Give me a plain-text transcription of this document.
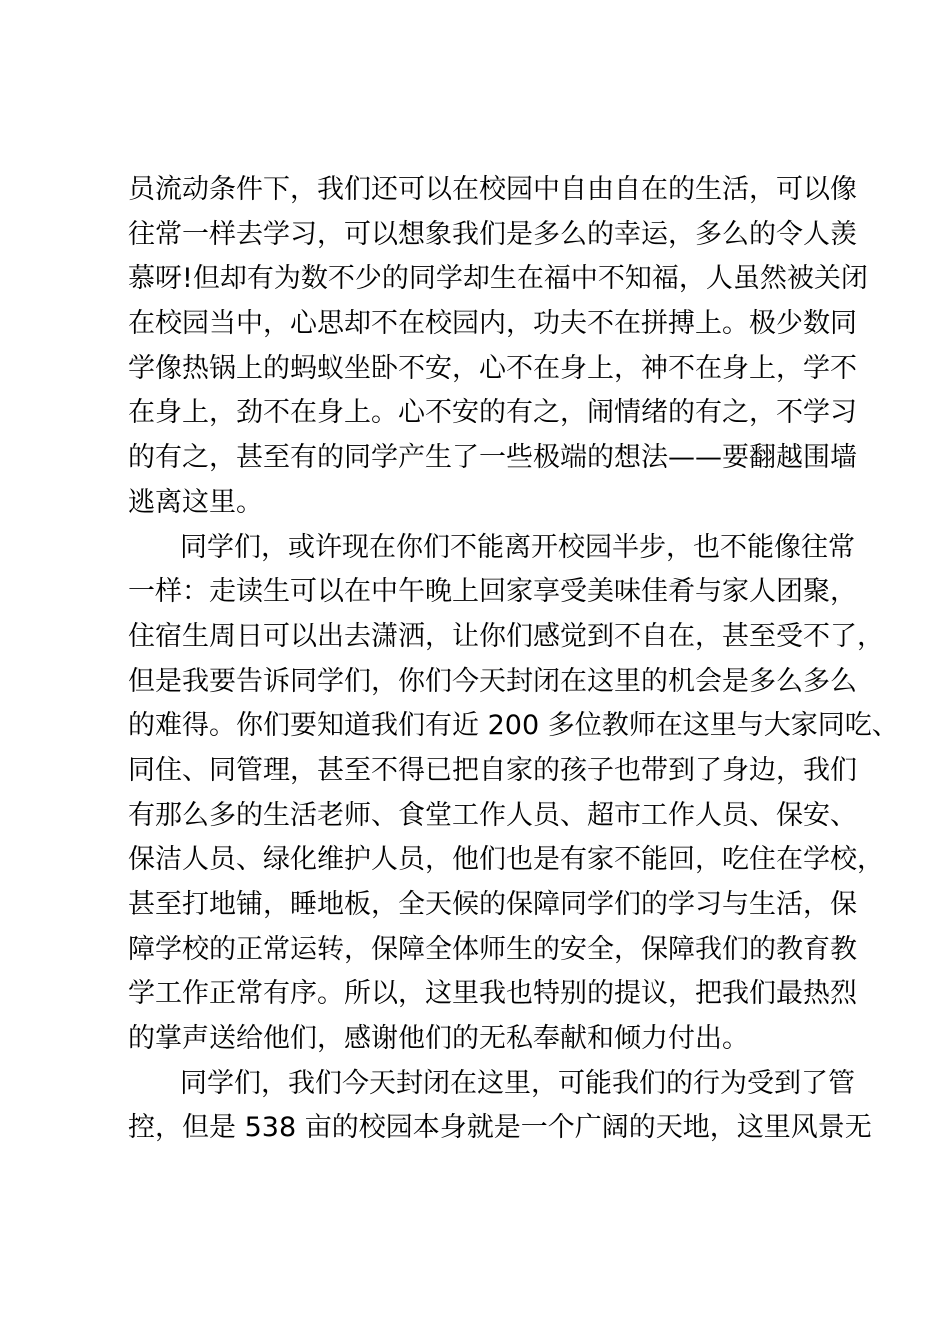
员流动条件下，我们还可以在校园中自由自在的生活，可以像
往常一样去学习，可以想象我们是多么的幸运，多么的令人羡
慕呀!但却有为数不少的同学却生在福中不知福，人虽然被关闭
在校园当中，心思却不在校园内，功夫不在拼搏上。极少数同
学像热锅上的蚂蚁坐卧不安，心不在身上，神不在身上，学不
在身上，劲不在身上。心不安的有之，闹情绪的有之，不学习
的有之，甚至有的同学产生了一些极端的想法——要翻越围墙
逃离这里。
同学们，或许现在你们不能离开校园半步，也不能像往常
一样：走读生可以在中午晚上回家享受美味佳肴与家人团聚，
住宿生周日可以出去潇洒，让你们感觉到不自在，甚至受不了，
但是我要告诉同学们，你们今天封闭在这里的机会是多么多么
的难得。你们要知道我们有近 200 多位教师在这里与大家同吃、
同住、同管理，甚至不得已把自家的孩子也带到了身边，我们
有那么多的生活老师、食堂工作人员、超市工作人员、保安、
保洁人员、绿化维护人员，他们也是有家不能回，吃住在学校，
甚至打地铺，睡地板，全天候的保障同学们的学习与生活，保
障学校的正常运转，保障全体师生的安全，保障我们的教育教
学工作正常有序。所以，这里我也特别的提议，把我们最热烈
的掌声送给他们，感谢他们的无私奉献和倾力付出。
同学们，我们今天封闭在这里，可能我们的行为受到了管
控，但是 538 亩的校园本身就是一个广阔的天地，这里风景无
